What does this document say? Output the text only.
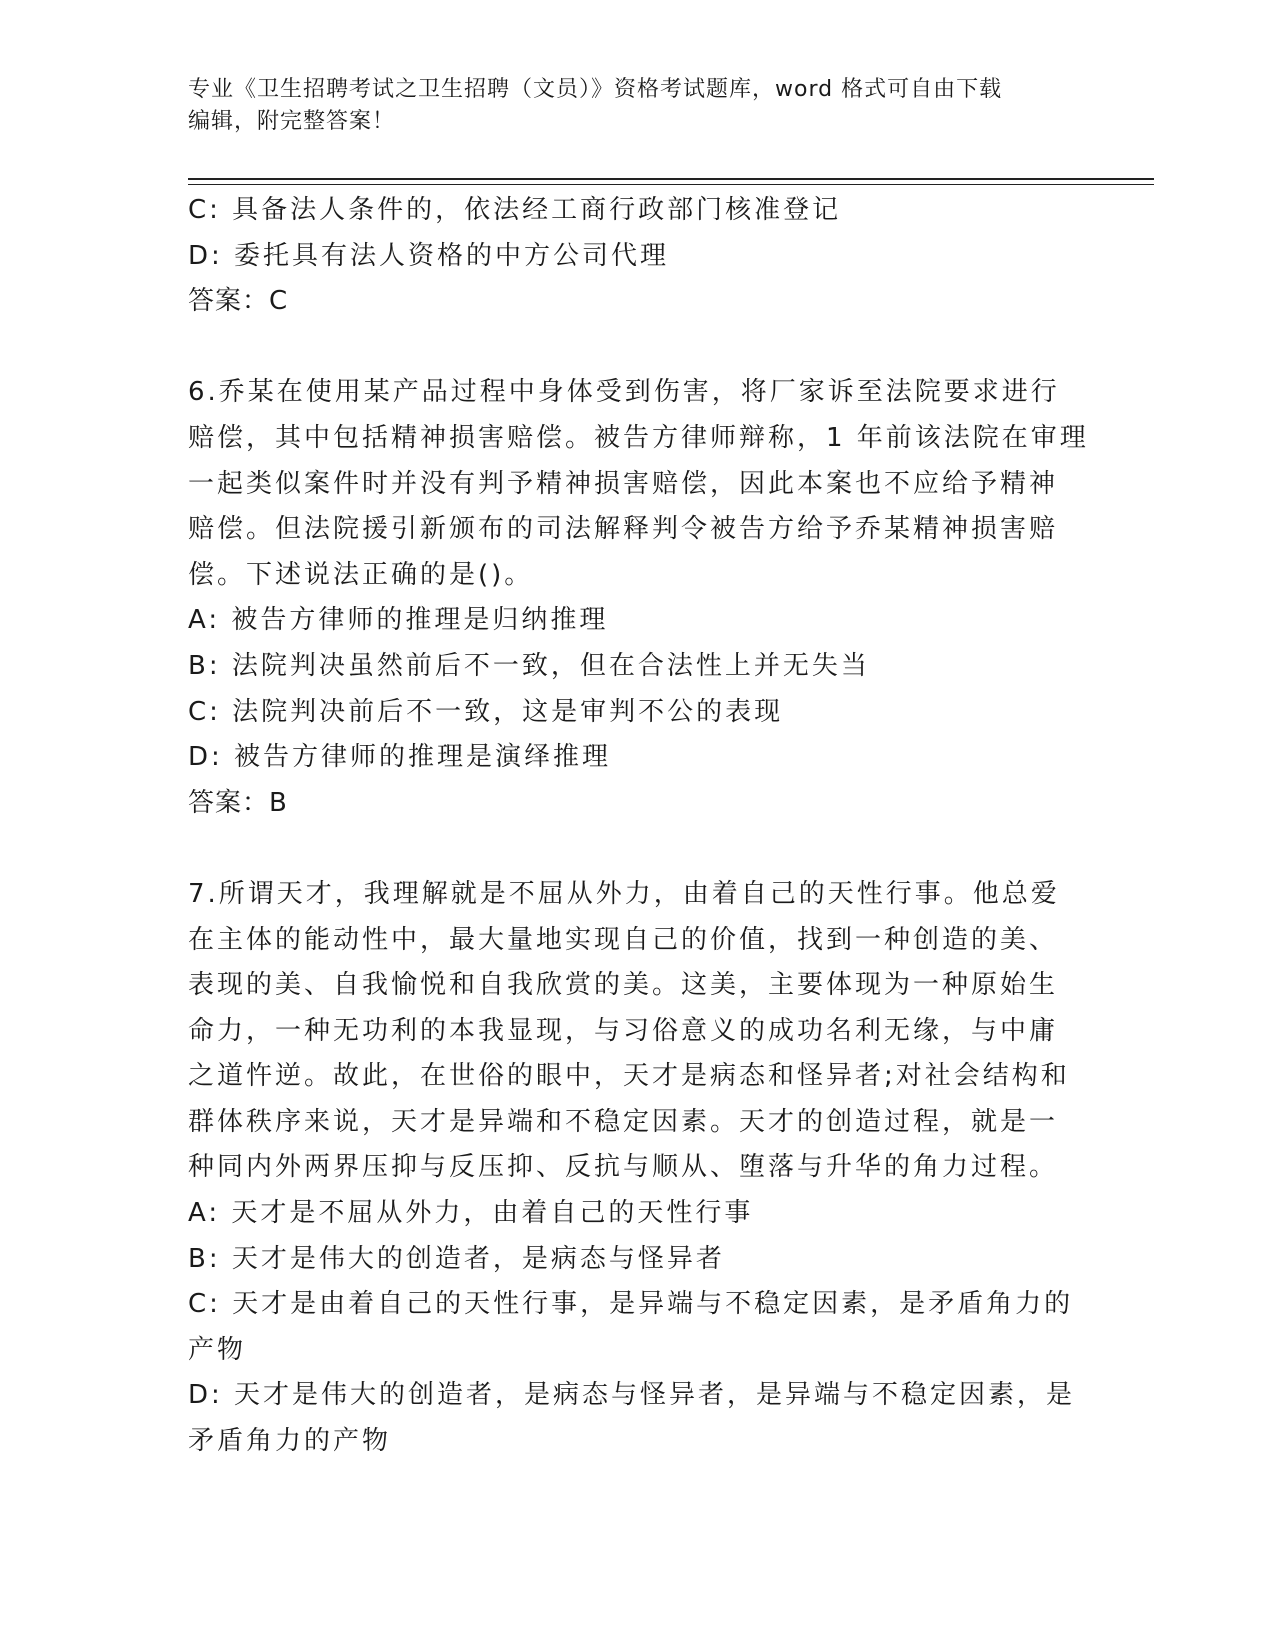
专业《卫生招聘考试之卫生招聘（文员）》资格考试题库，word 格式可自由下载
编辑，附完整答案！
C: 具备法人条件的，依法经工商行政部门核准登记
D: 委托具有法人资格的中方公司代理
答案：C
6.乔某在使用某产品过程中身体受到伤害，将厂家诉至法院要求进行
赔偿，其中包括精神损害赔偿。被告方律师辩称，1 年前该法院在审理
一起类似案件时并没有判予精神损害赔偿，因此本案也不应给予精神
赔偿。但法院援引新颁布的司法解释判令被告方给予乔某精神损害赔
偿。下述说法正确的是()。
A: 被告方律师的推理是归纳推理
B: 法院判决虽然前后不一致，但在合法性上并无失当
C: 法院判决前后不一致，这是审判不公的表现
D: 被告方律师的推理是演绎推理
答案：B
7.所谓天才，我理解就是不屈从外力，由着自己的天性行事。他总爱
在主体的能动性中，最大量地实现自己的价值，找到一种创造的美、
表现的美、自我愉悦和自我欣赏的美。这美，主要体现为一种原始生
命力，一种无功利的本我显现，与习俗意义的成功名利无缘，与中庸
之道忤逆。故此，在世俗的眼中，天才是病态和怪异者;对社会结构和
群体秩序来说，天才是异端和不稳定因素。天才的创造过程，就是一
种同内外两界压抑与反压抑、反抗与顺从、堕落与升华的角力过程。
A: 天才是不屈从外力，由着自己的天性行事
B: 天才是伟大的创造者，是病态与怪异者
C: 天才是由着自己的天性行事，是异端与不稳定因素，是矛盾角力的
产物
D: 天才是伟大的创造者，是病态与怪异者，是异端与不稳定因素，是
矛盾角力的产物
